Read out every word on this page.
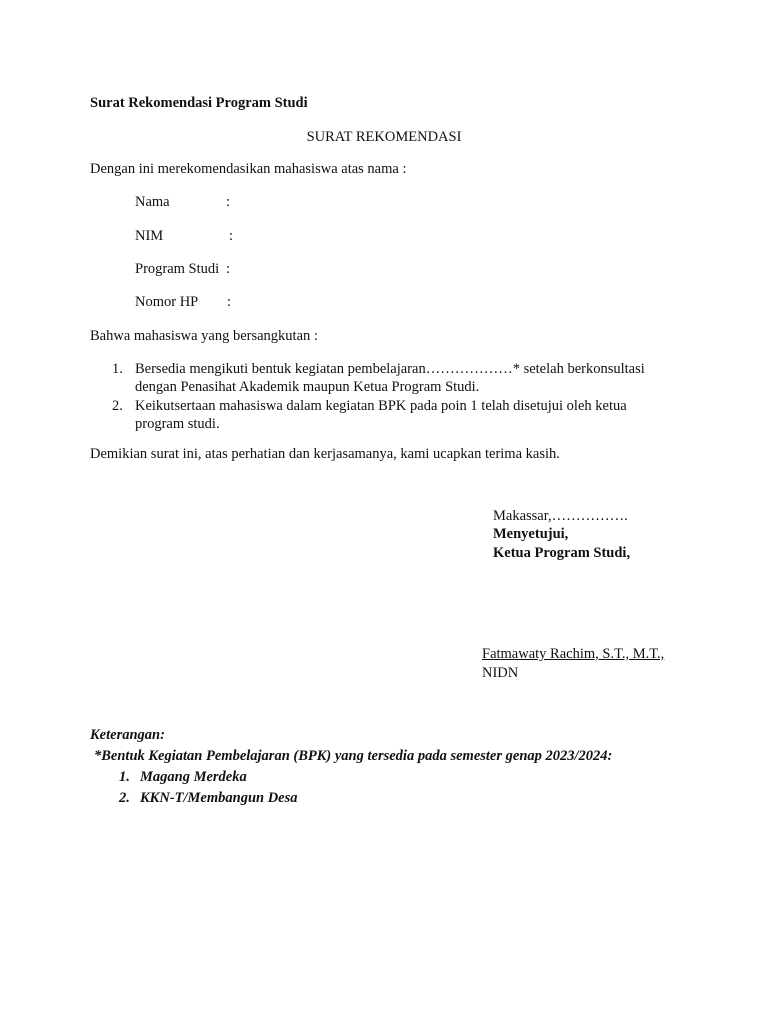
Surat Rekomendasi Program Studi
SURAT REKOMENDASI
Dengan ini merekomendasikan mahasiswa atas nama :
Nama	:
NIM	:
Program Studi :
Nomor HP :
Bahwa mahasiswa yang bersangkutan :
1. Bersedia mengikuti bentuk kegiatan pembelajaran………………* setelah berkonsultasi
dengan Penasihat Akademik maupun Ketua Program Studi.
2. Keikutsertaan mahasiswa dalam kegiatan BPK pada poin 1 telah disetujui oleh ketua
program studi.
Demikian surat ini, atas perhatian dan kerjasamanya, kami ucapkan terima kasih.
Makassar,…………….
Menyetujui,
Ketua Program Studi,
Fatmawaty Rachim, S.T., M.T.,
NIDN
Keterangan:
*Bentuk Kegiatan Pembelajaran (BPK) yang tersedia pada semester genap 2023/2024:
1. Magang Merdeka
2. KKN-T/Membangun Desa
